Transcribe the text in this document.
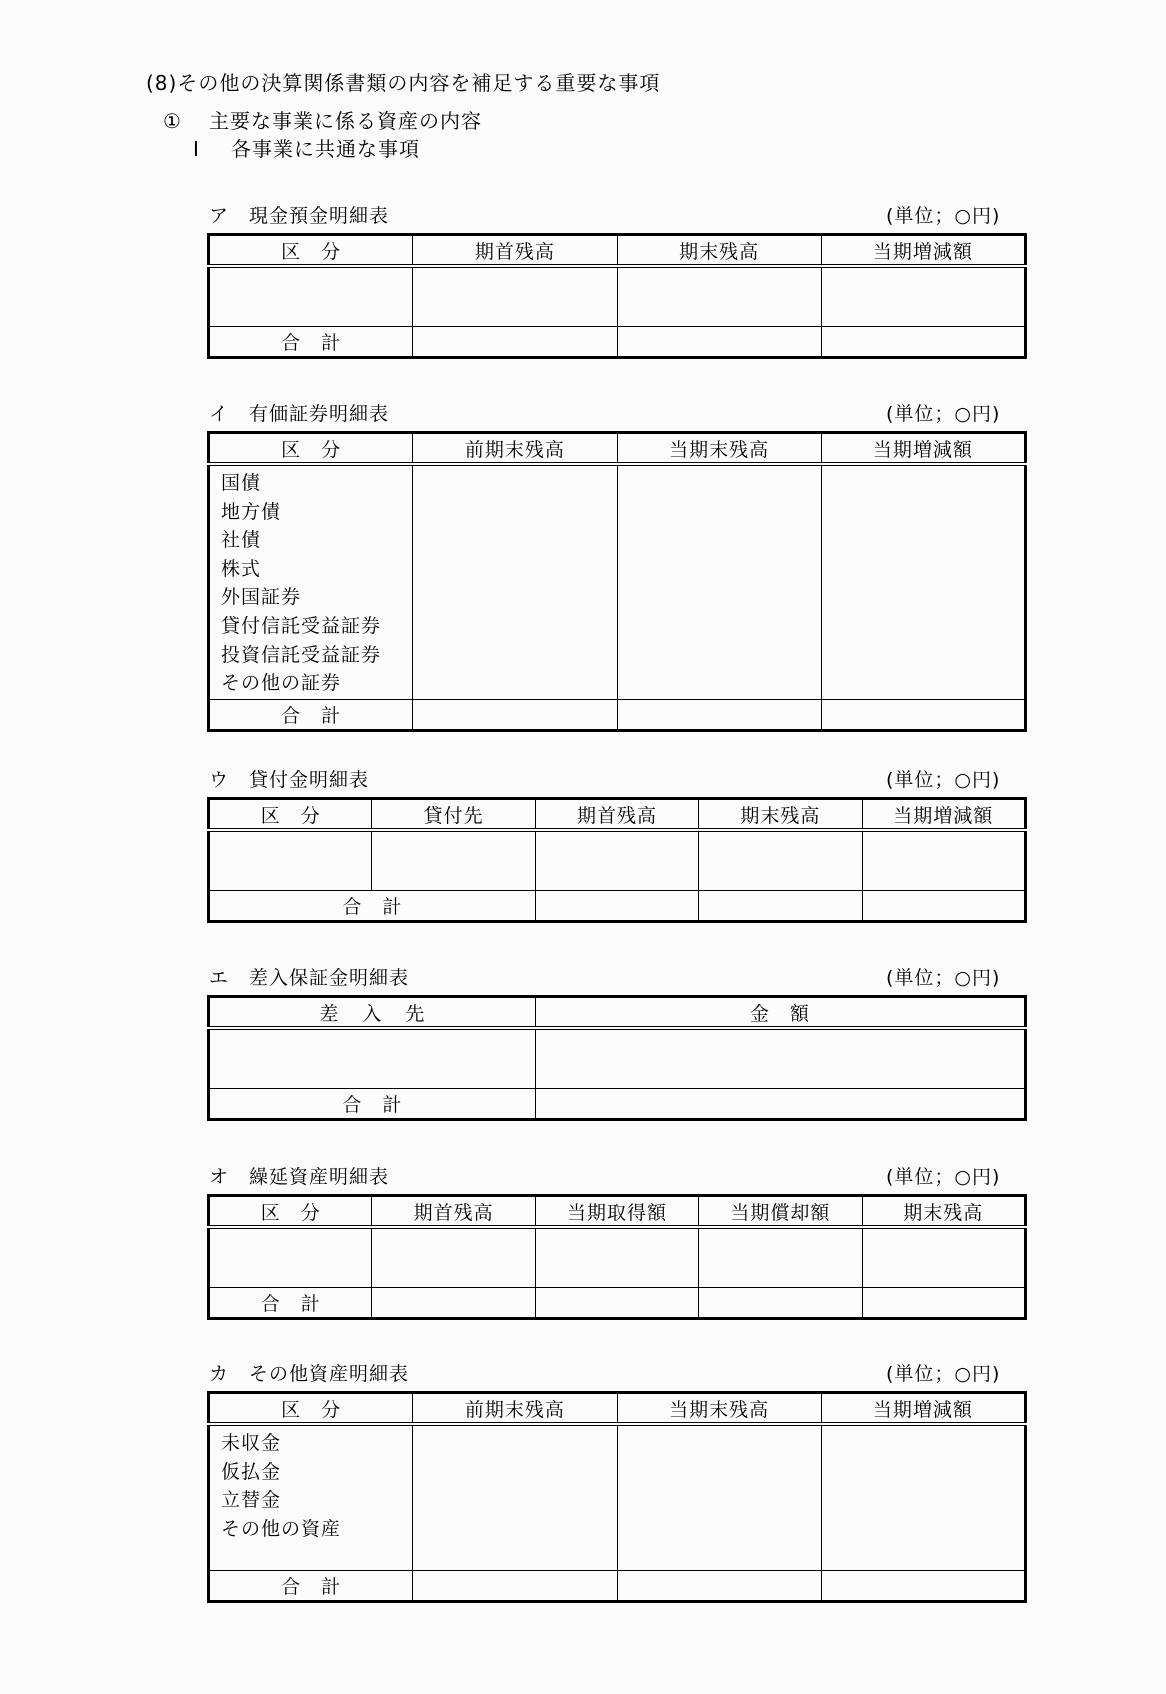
(8)その他の決算関係書類の内容を補足する重要な事項
① 主要な事業に係る資産の内容
Ⅰ 各事業に共通な事項
ア　現金預金明細表	(単位；○円)
区　分	期首残高	期末残高	当期増減額

合　計			
イ　有価証券明細表	(単位；○円)
区　分	前期末残高	当期末残高	当期増減額

国債
地方債
社債
株式
外国証券
貸付信託受益証券
投資信託受益証券
その他の証券

合　計			
ウ　貸付金明細表	(単位；○円)
区　分	貸付先	期首残高	期末残高	当期増減額

合　計				
エ　差入保証金明細表	(単位；○円)
差 入 先	金　額

合　計	
オ　繰延資産明細表	(単位；○円)
区　分	期首残高	当期取得額	当期償却額	期末残高

合　計				
カ　その他資産明細表	(単位；○円)
区　分	前期末残高	当期末残高	当期増減額

未収金
仮払金
立替金
その他の資産			

合　計			
